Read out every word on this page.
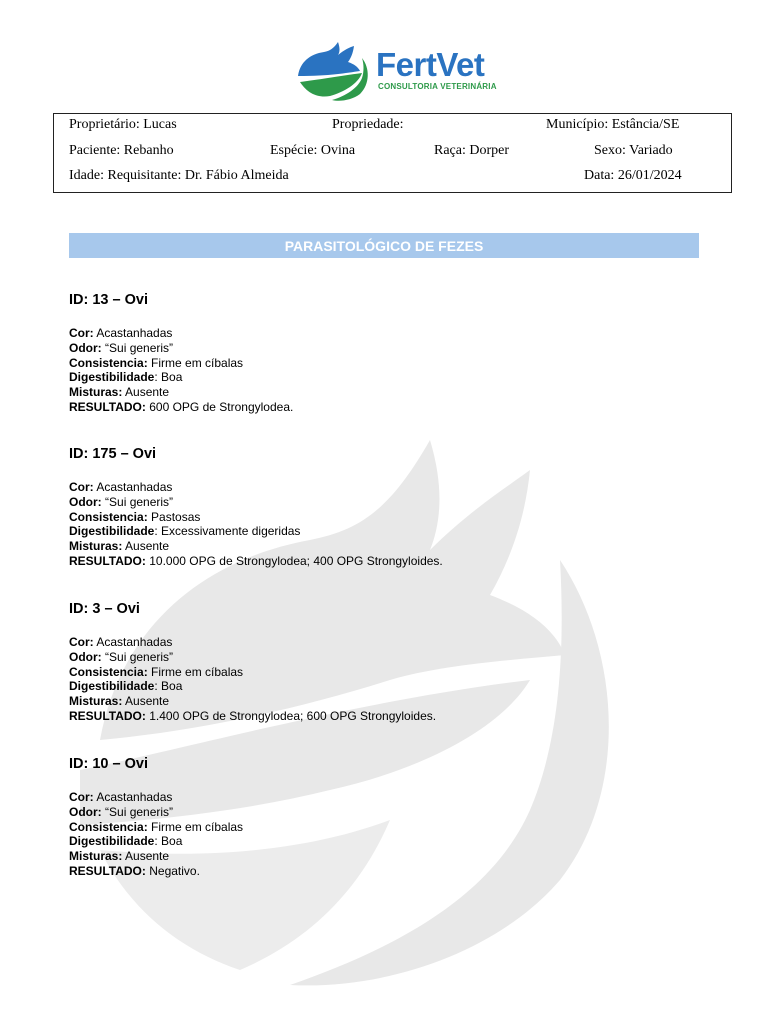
FertVet
CONSULTORIA VETERINÁRIA
Proprietário: Lucas	Propriedade:	Município: Estância/SE
Paciente: Rebanho	Espécie: Ovina	Raça: Dorper	Sexo: Variado
Idade: Requisitante: Dr. Fábio Almeida	Data: 26/01/2024
PARASITOLÓGICO DE FEZES
ID: 13 – Ovi
Cor: Acastanhadas
Odor: “Sui generis”
Consistencia: Firme em cíbalas
Digestibilidade: Boa
Misturas: Ausente
RESULTADO: 600 OPG de Strongylodea.
ID: 175 – Ovi
Cor: Acastanhadas
Odor: “Sui generis”
Consistencia: Pastosas
Digestibilidade: Excessivamente digeridas
Misturas: Ausente
RESULTADO: 10.000 OPG de Strongylodea; 400 OPG Strongyloides.
ID: 3 – Ovi
Cor: Acastanhadas
Odor: “Sui generis”
Consistencia: Firme em cíbalas
Digestibilidade: Boa
Misturas: Ausente
RESULTADO: 1.400 OPG de Strongylodea; 600 OPG Strongyloides.
ID: 10 – Ovi
Cor: Acastanhadas
Odor: “Sui generis”
Consistencia: Firme em cíbalas
Digestibilidade: Boa
Misturas: Ausente
RESULTADO: Negativo.
